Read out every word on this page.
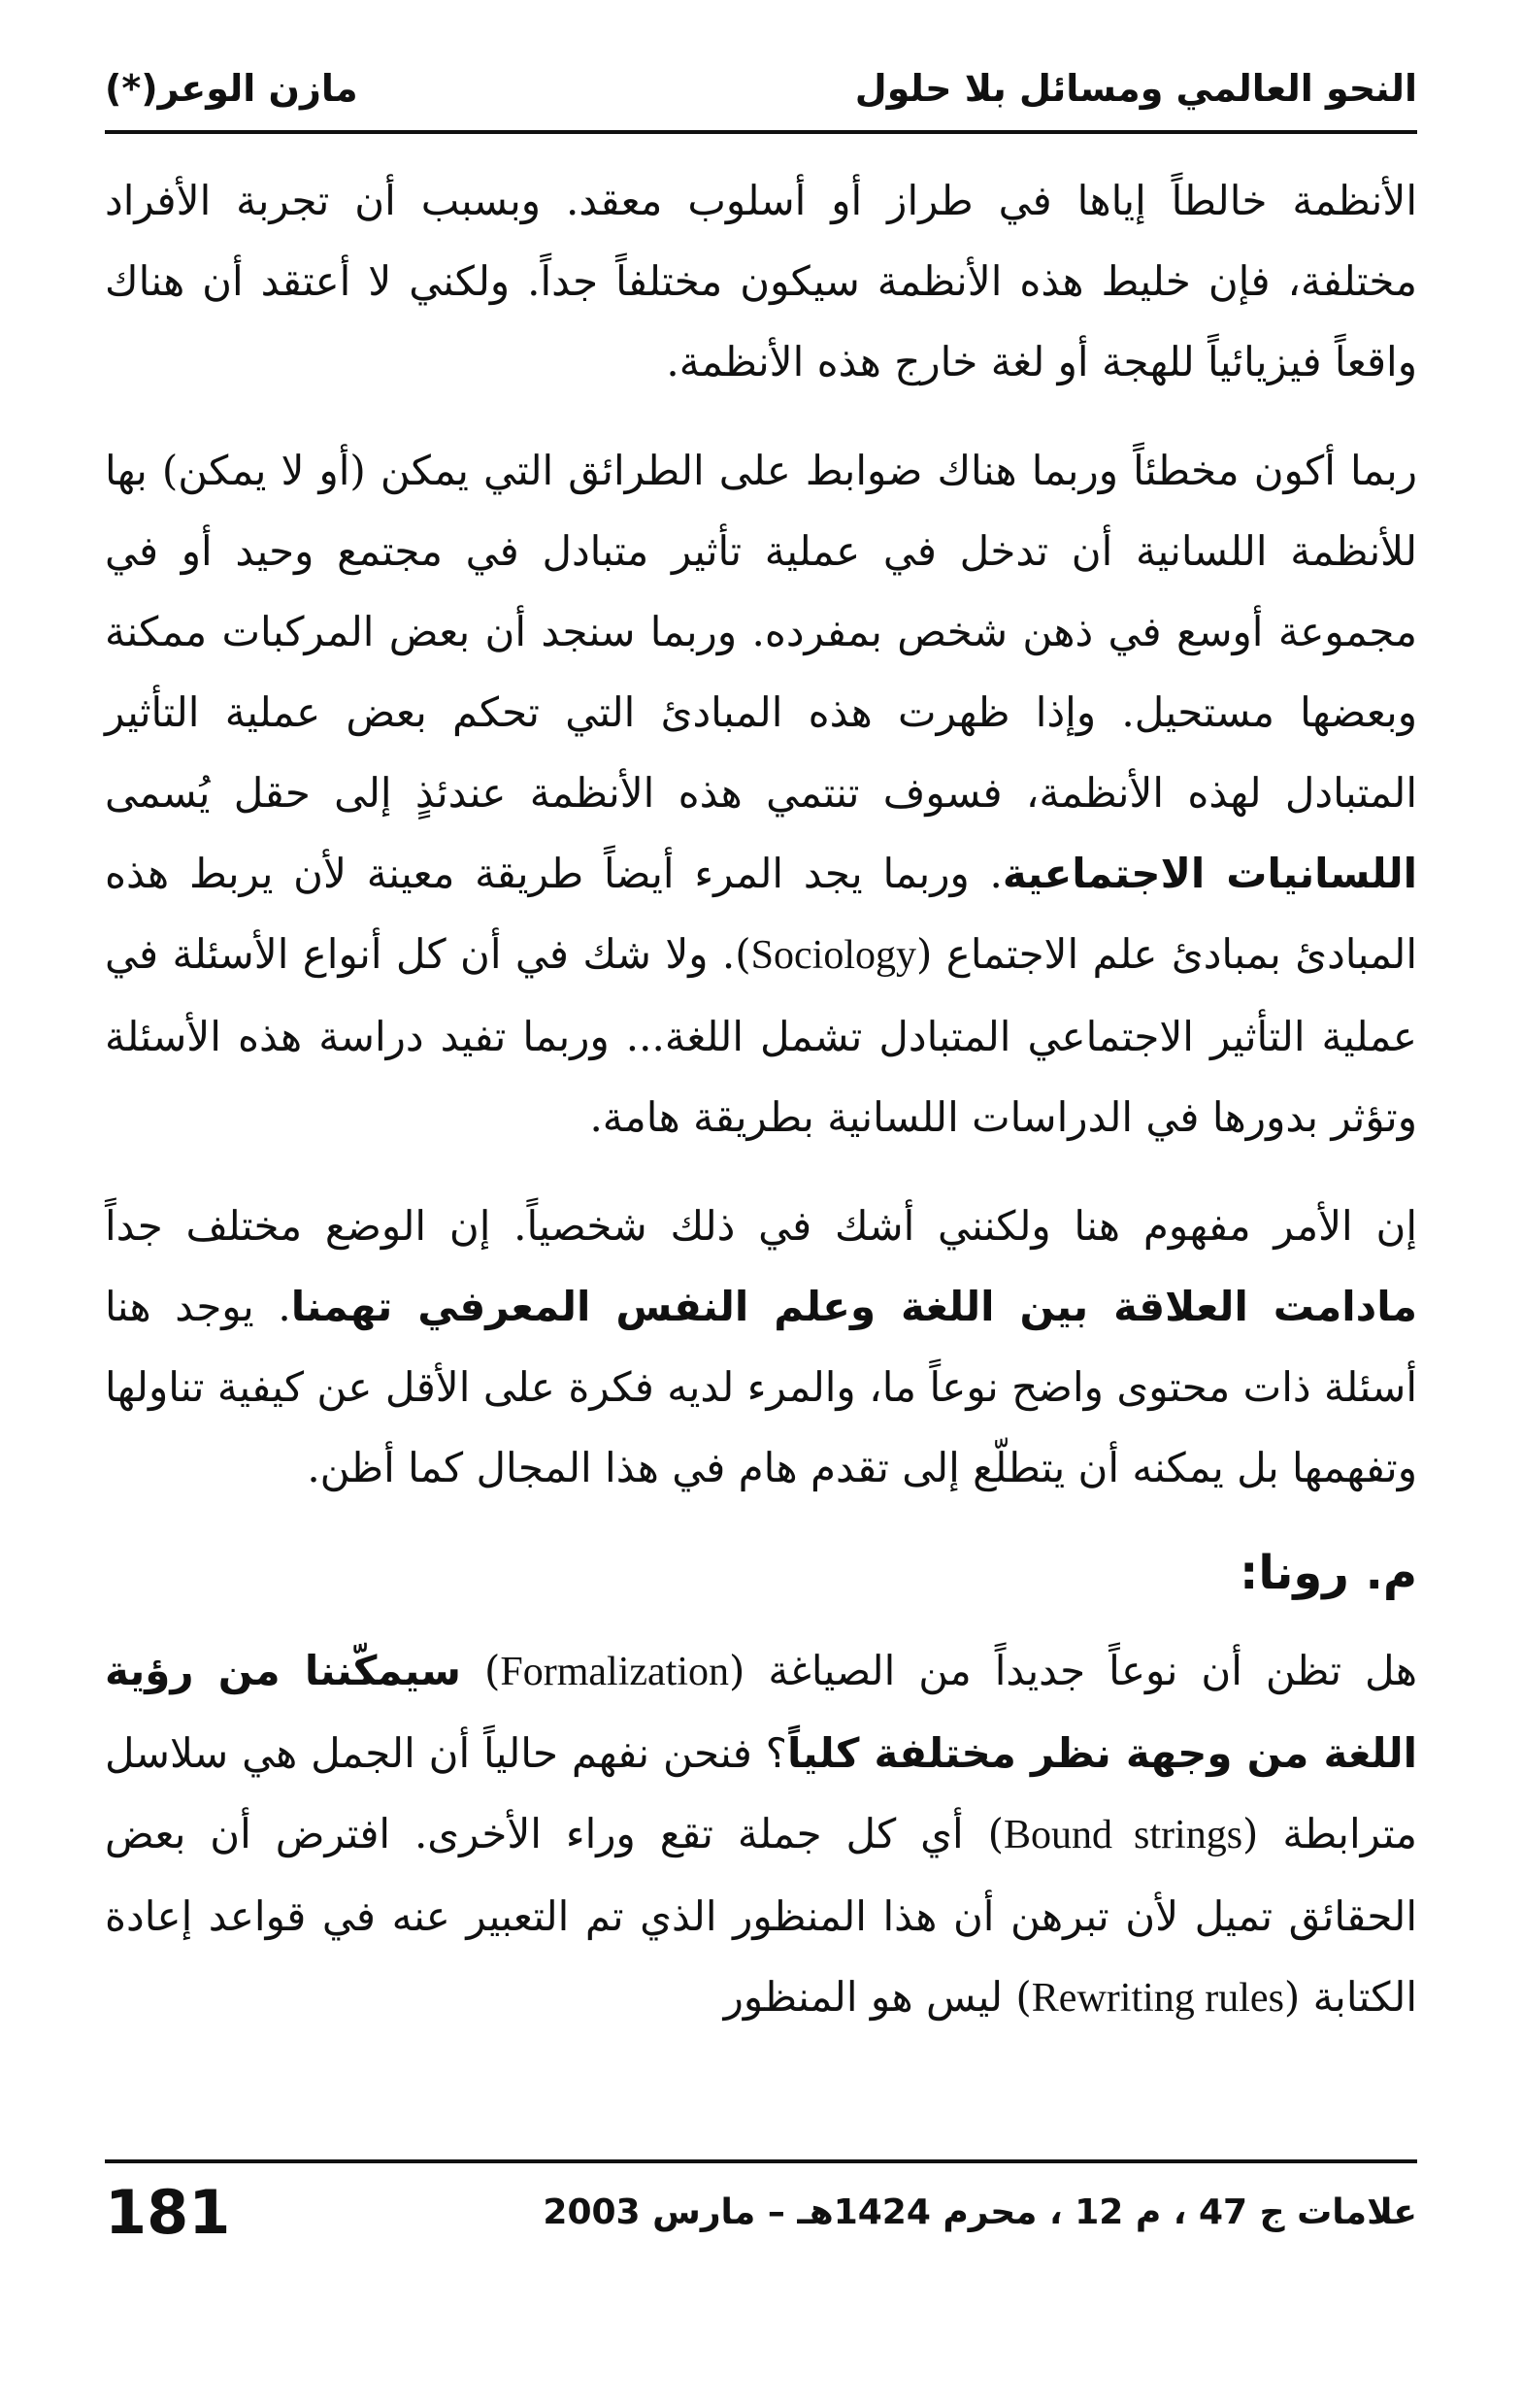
النحو العالمي ومسائل بلا حلول
مازن الوعر(*)

الأنظمة خالطاً إياها في طراز أو أسلوب معقد. وبسبب أن تجربة الأفراد مختلفة، فإن خليط هذه الأنظمة سيكون مختلفاً جداً. ولكني لا أعتقد أن هناك واقعاً فيزيائياً للهجة أو لغة خارج هذه الأنظمة.

ربما أكون مخطئاً وربما هناك ضوابط على الطرائق التي يمكن (أو لا يمكن) بها للأنظمة اللسانية أن تدخل في عملية تأثير متبادل في مجتمع وحيد أو في مجموعة أوسع في ذهن شخص بمفرده. وربما سنجد أن بعض المركبات ممكنة وبعضها مستحيل. وإذا ظهرت هذه المبادئ التي تحكم بعض عملية التأثير المتبادل لهذه الأنظمة، فسوف تنتمي هذه الأنظمة عندئذٍ إلى حقل يُسمى اللسانيات الاجتماعية. وربما يجد المرء أيضاً طريقة معينة لأن يربط هذه المبادئ بمبادئ علم الاجتماع (Sociology). ولا شك في أن كل أنواع الأسئلة في عملية التأثير الاجتماعي المتبادل تشمل اللغة... وربما تفيد دراسة هذه الأسئلة وتؤثر بدورها في الدراسات اللسانية بطريقة هامة.

إن الأمر مفهوم هنا ولكنني أشك في ذلك شخصياً. إن الوضع مختلف جداً مادامت العلاقة بين اللغة وعلم النفس المعرفي تهمنا. يوجد هنا أسئلة ذات محتوى واضح نوعاً ما، والمرء لديه فكرة على الأقل عن كيفية تناولها وتفهمها بل يمكنه أن يتطلّع إلى تقدم هام في هذا المجال كما أظن.

م. رونا:

هل تظن أن نوعاً جديداً من الصياغة (Formalization) سيمكّننا من رؤية اللغة من وجهة نظر مختلفة كلياً؟ فنحن نفهم حالياً أن الجمل هي سلاسل مترابطة (Bound strings) أي كل جملة تقع وراء الأخرى. افترض أن بعض الحقائق تميل لأن تبرهن أن هذا المنظور الذي تم التعبير عنه في قواعد إعادة الكتابة (Rewriting rules) ليس هو المنظور

علامات ج 47 ، م 12 ، محرم 1424هـ – مارس 2003
181
